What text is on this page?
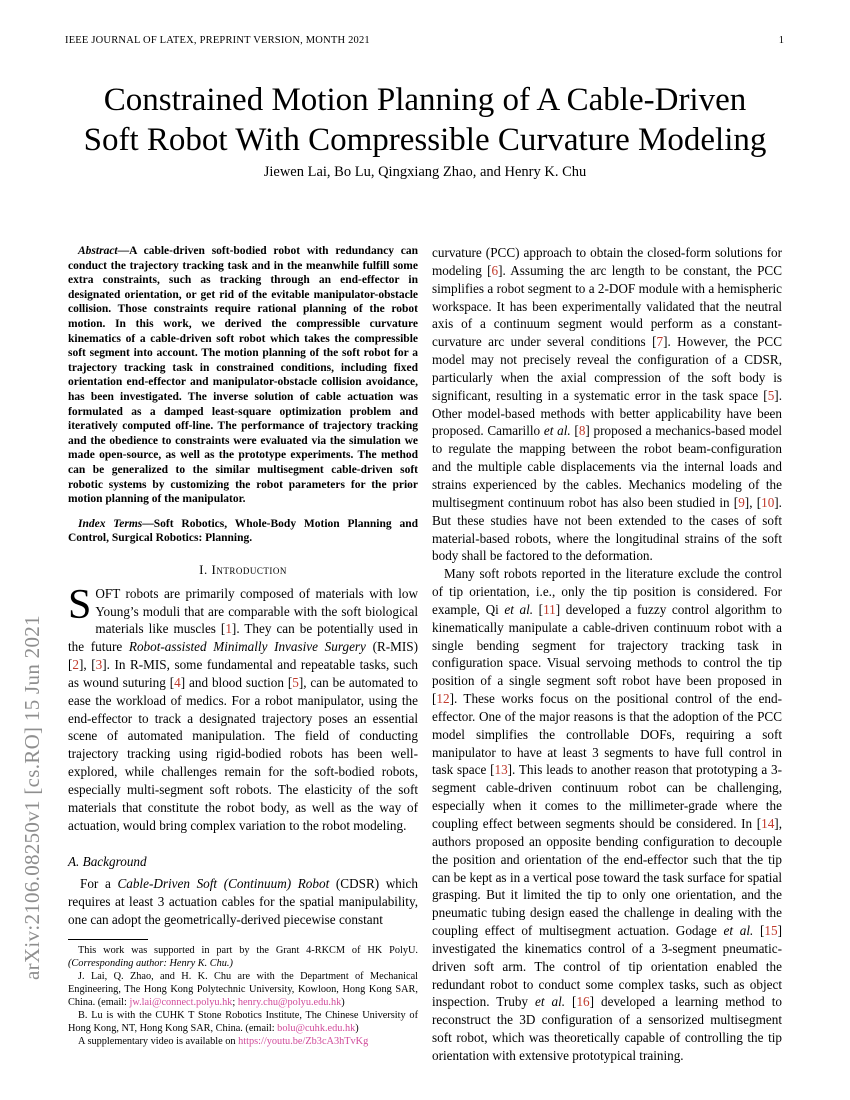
IEEE JOURNAL OF LATEX, PREPRINT VERSION, MONTH 2021	1
arXiv:2106.08250v1 [cs.RO] 15 Jun 2021
Constrained Motion Planning of A Cable-Driven
Soft Robot With Compressible Curvature Modeling
Jiewen Lai, Bo Lu, Qingxiang Zhao, and Henry K. Chu

Abstract—A cable-driven soft-bodied robot with redundancy can conduct the trajectory tracking task and in the meanwhile fulfill some extra constraints, such as tracking through an end-effector in designated orientation, or get rid of the evitable manipulator-obstacle collision. Those constraints require rational planning of the robot motion. In this work, we derived the compressible curvature kinematics of a cable-driven soft robot which takes the compressible soft segment into account. The motion planning of the soft robot for a trajectory tracking task in constrained conditions, including fixed orientation end-effector and manipulator-obstacle collision avoidance, has been investigated. The inverse solution of cable actuation was formulated as a damped least-square optimization problem and iteratively computed off-line. The performance of trajectory tracking and the obedience to constraints were evaluated via the simulation we made open-source, as well as the prototype experiments. The method can be generalized to the similar multisegment cable-driven soft robotic systems by customizing the robot parameters for the prior motion planning of the manipulator.

Index Terms—Soft Robotics, Whole-Body Motion Planning and Control, Surgical Robotics: Planning.

I. Introduction

SOFT robots are primarily composed of materials with low Young’s moduli that are comparable with the soft biological materials like muscles [1]. They can be potentially used in the future Robot-assisted Minimally Invasive Surgery (R-MIS) [2], [3]. In R-MIS, some fundamental and repeatable tasks, such as wound suturing [4] and blood suction [5], can be automated to ease the workload of medics. For a robot manipulator, using the end-effector to track a designated trajectory poses an essential scene of automated manipulation. The field of conducting trajectory tracking using rigid-bodied robots has been well-explored, while challenges remain for the soft-bodied robots, especially multi-segment soft robots. The elasticity of the soft materials that constitute the robot body, as well as the way of actuation, would bring complex variation to the robot modeling.

A. Background

For a Cable-Driven Soft (Continuum) Robot (CDSR) which requires at least 3 actuation cables for the spatial manipulability, one can adopt the geometrically-derived piecewise constant

This work was supported in part by the Grant 4-RKCM of HK PolyU. (Corresponding author: Henry K. Chu.)

J. Lai, Q. Zhao, and H. K. Chu are with the Department of Mechanical Engineering, The Hong Kong Polytechnic University, Kowloon, Hong Kong SAR, China. (email: jw.lai@connect.polyu.hk; henry.chu@polyu.edu.hk)

B. Lu is with the CUHK T Stone Robotics Institute, The Chinese University of Hong Kong, NT, Hong Kong SAR, China. (email: bolu@cuhk.edu.hk)

A supplementary video is available on https://youtu.be/Zb3cA3hTvKg

curvature (PCC) approach to obtain the closed-form solutions for modeling [6]. Assuming the arc length to be constant, the PCC simplifies a robot segment to a 2-DOF module with a hemispheric workspace. It has been experimentally validated that the neutral axis of a continuum segment would perform as a constant-curvature arc under several conditions [7]. However, the PCC model may not precisely reveal the configuration of a CDSR, particularly when the axial compression of the soft body is significant, resulting in a systematic error in the task space [5]. Other model-based methods with better applicability have been proposed. Camarillo et al. [8] proposed a mechanics-based model to regulate the mapping between the robot beam-configuration and the multiple cable displacements via the internal loads and strains experienced by the cables. Mechanics modeling of the multisegment continuum robot has also been studied in [9], [10]. But these studies have not been extended to the cases of soft material-based robots, where the longitudinal strains of the soft body shall be factored to the deformation.

Many soft robots reported in the literature exclude the control of tip orientation, i.e., only the tip position is considered. For example, Qi et al. [11] developed a fuzzy control algorithm to kinematically manipulate a cable-driven continuum robot with a single bending segment for trajectory tracking task in configuration space. Visual servoing methods to control the tip position of a single segment soft robot have been proposed in [12]. These works focus on the positional control of the end-effector. One of the major reasons is that the adoption of the PCC model simplifies the controllable DOFs, requiring a soft manipulator to have at least 3 segments to have full control in task space [13]. This leads to another reason that prototyping a 3-segment cable-driven continuum robot can be challenging, especially when it comes to the millimeter-grade where the coupling effect between segments should be considered. In [14], authors proposed an opposite bending configuration to decouple the position and orientation of the end-effector such that the tip can be kept as in a vertical pose toward the task surface for spatial grasping. But it limited the tip to only one orientation, and the pneumatic tubing design eased the challenge in dealing with the coupling effect of multisegment actuation. Godage et al. [15] investigated the kinematics control of a 3-segment pneumatic-driven soft arm. The control of tip orientation enabled the redundant robot to conduct some complex tasks, such as object inspection. Truby et al. [16] developed a learning method to reconstruct the 3D configuration of a sensorized multisegment soft robot, which was theoretically capable of controlling the tip orientation with extensive prototypical training.
